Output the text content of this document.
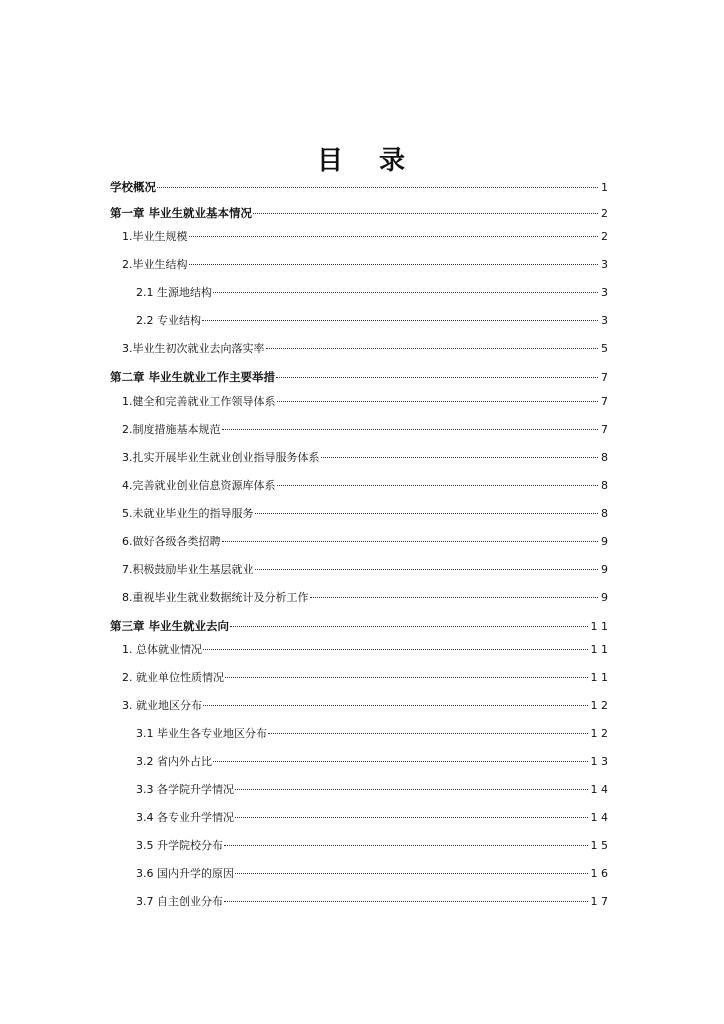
目 录
学校概况	1
第一章 毕业生就业基本情况	2
1.毕业生规模	2
2.毕业生结构	3
2.1 生源地结构	3
2.2 专业结构	3
3.毕业生初次就业去向落实率	5
第二章 毕业生就业工作主要举措	7
1.健全和完善就业工作领导体系	7
2.制度措施基本规范	7
3.扎实开展毕业生就业创业指导服务体系	8
4.完善就业创业信息资源库体系	8
5.未就业毕业生的指导服务	8
6.做好各级各类招聘	9
7.积极鼓励毕业生基层就业	9
8.重视毕业生就业数据统计及分析工作	9
第三章 毕业生就业去向	1 1
1. 总体就业情况	1 1
2. 就业单位性质情况	1 1
3. 就业地区分布	1 2
3.1 毕业生各专业地区分布	1 2
3.2 省内外占比	1 3
3.3 各学院升学情况	1 4
3.4 各专业升学情况	1 4
3.5 升学院校分布	1 5
3.6 国内升学的原因	1 6
3.7 自主创业分布	1 7
